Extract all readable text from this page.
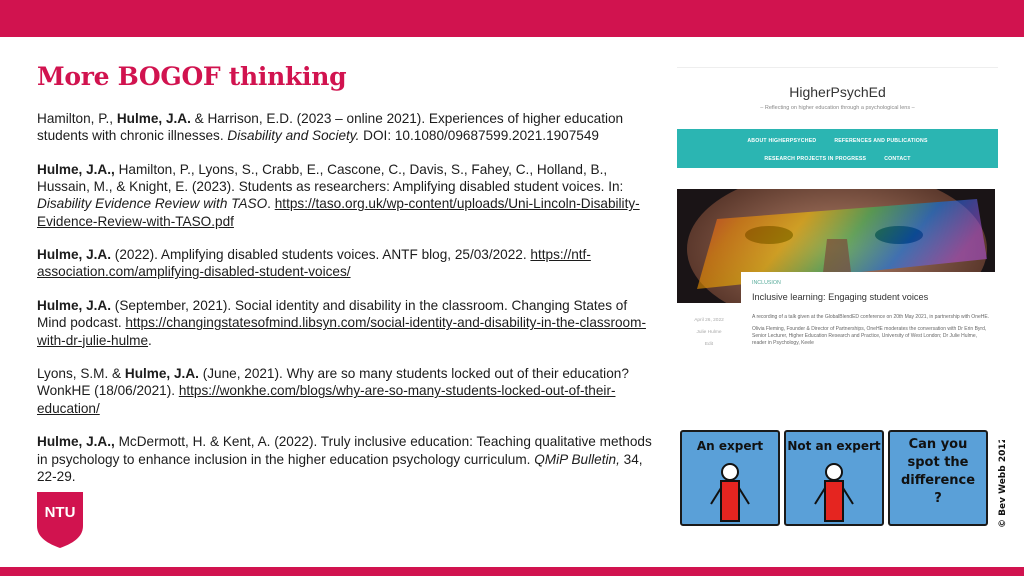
More BOGOF thinking

Hamilton, P., Hulme, J.A. & Harrison, E.D. (2023 – online 2021). Experiences of higher education students with chronic illnesses. Disability and Society. DOI: 10.1080/09687599.2021.1907549

Hulme, J.A., Hamilton, P., Lyons, S., Crabb, E., Cascone, C., Davis, S., Fahey, C., Holland, B., Hussain, M., & Knight, E. (2023). Students as researchers: Amplifying disabled student voices. In: Disability Evidence Review with TASO. https://taso.org.uk/wp-content/uploads/Uni-Lincoln-Disability-Evidence-Review-with-TASO.pdf

Hulme, J.A. (2022). Amplifying disabled students voices. ANTF blog, 25/03/2022. https://ntf-association.com/amplifying-disabled-student-voices/

Hulme, J.A. (September, 2021). Social identity and disability in the classroom. Changing States of Mind podcast. https://changingstatesofmind.libsyn.com/social-identity-and-disability-in-the-classroom-with-dr-julie-hulme.

Lyons, S.M. & Hulme, J.A. (June, 2021). Why are so many students locked out of their education? WonkHE (18/06/2021). https://wonkhe.com/blogs/why-are-so-many-students-locked-out-of-their-education/

Hulme, J.A., McDermott, H. & Kent, A. (2022). Truly inclusive education: Teaching qualitative methods in psychology to enhance inclusion in the higher education psychology curriculum. QMiP Bulletin, 34, 22-29.

NTU
HigherPsychEd
– Reflecting on higher education through a psychological lens –
ABOUT HIGHERPSYCHED	REFERENCES AND PUBLICATIONS
RESEARCH PROJECTS IN PROGRESS	CONTACT
INCLUSION
Inclusive learning: Engaging student voices
April 26, 2022
Julie Hulme
Edit

A recording of a talk given at the GlobalBlendED conference on 20th May 2021, in partnership with OneHE.

Olivia Fleming, Founder & Director of Partnerships, OneHE moderates the conversation with Dr Erin Byrd, Senior Lecturer, Higher Education Research and Practice, University of West London; Dr Julie Hulme, reader in Psychology, Keele

An expert	Not an expert	Can you
spot the
difference
?	© Bev Webb 2012
